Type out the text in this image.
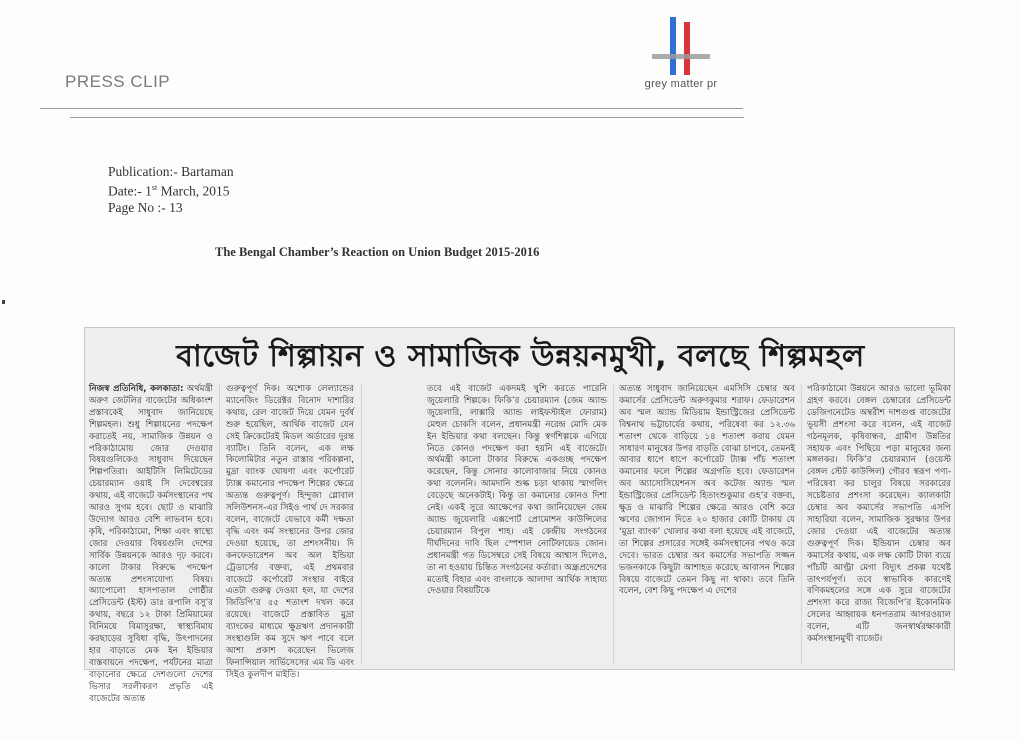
PRESS CLIP	grey matter pr
Publication:- Bartaman
Date:- 1st March, 2015
Page No :- 13
The Bengal Chamber’s Reaction on Union Budget 2015-2016
বাজেট শিল্পায়ন ও সামাজিক উন্নয়নমুখী, বলছে শিল্পমহল
নিজস্ব প্রতিনিধি, কলকাতা: অর্থমন্ত্রী অরুণ জেটলির বাজেটের অধিকাংশ প্রস্তাবকেই সাধুবাদ জানিয়েছে শিল্পমহল। শুধু শিল্পায়নের পদক্ষেপ করাতেই নয়, সামাজিক উন্নয়ন ও পরিকাঠামোয় জোর দেওয়ার বিষয়গুলিকেও সাধুবাদ দিয়েছেন শিল্পপতিরা। আইটিসি লিমিটেডের চেয়ারম্যান ওয়াই সি দেবেশ্বরের কথায়, এই বাজেটে কর্মসংস্থানের পথ আরও সুগম হবে। ছোট ও মাঝারি উদ্যোগ আরও বেশি লাভবান হবে। কৃষি, পরিকাঠামো, শিক্ষা এবং স্বাস্থ্যে জোর দেওয়ার বিষয়গুলি দেশের সার্বিক উন্নয়নকে আরও দৃঢ় করবে। কালো টাকার বিরুদ্ধে পদক্ষেপ অত্যন্ত প্রশংসাযোগ্য বিষয়। অ্যাপোলো হাসপাতাল গোষ্ঠীর প্রেসিডেন্ট (ইস্ট) ডাঃ রূপালি বসু’র কথায়, বছরে ১২ টাকা প্রিমিয়ামের বিনিময়ে বিমাসুরক্ষা, স্বাস্থ্যবিমায় করছাড়ের সুবিধা বৃদ্ধি, উৎপাদনের হার বাড়াতে মেক ইন ইন্ডিয়ার বাস্তবায়নে পদক্ষেপ, পর্যটনের মাত্রা বাড়ানোর ক্ষেত্রে দেশগুলো দেশের ভিসার সরলীকরণ প্রভৃতি এই বাজেটের অত্যন্ত
গুরুত্বপূর্ণ দিক। অশোক লেল্যান্ডের ম্যানেজিং ডিরেক্টর বিনোদ দাশারির কথায়, রেল বাজেট দিয়ে যেমন দুর্বর্ষ শুরু হয়েছিল, আর্থিক বাজেট যেন সেই ক্রিকেটেরই মিডল অর্ডারের দুরন্ত ব্যাটিং। তিনি বলেন, এক লক্ষ কিলোমিটার নতুন রাস্তার পরিকল্পনা, মুদ্রা ব্যাংক ঘোষণা এবং কর্পোরেট ট্যাক্স কমানোর পদক্ষেপ শিল্পের ক্ষেত্রে অত্যন্ত গুরুত্বপূর্ণ। হিন্দুজা গ্লোবাল সলিউশনস-এর সিইও পার্থ দে সরকার বলেন, বাজেটে যেভাবে কর্মী দক্ষতা বৃদ্ধি এবং কর্ম সংস্থানের উপর জোর দেওয়া হয়েছে, তা প্রশংসনীয়। দি কনফেডারেশন অব অল ইন্ডিয়া ট্রেডার্সের বক্তব্য, এই প্রথমবার বাজেটে কর্পোরেট সংস্থার বাইরে এতটা গুরুত্ব দেওয়া হল, যা দেশের জিডিপি’র ৫৫ শতাংশ দখল করে রয়েছে। বাজেটে প্রস্তাবিত মুদ্রা ব্যাংকের মাধ্যমে ক্ষুদ্রঋণ প্রদানকারী সংস্থাগুলি কম সুদে ঋণ পাবে বলে আশা প্রকাশ করেছেন ভিলেজ ফিনান্সিয়াল সার্ভিসেসের এম ডি এবং সিইও কুলদীপ মাইতি।
তবে এই বাজেট একদমই খুশি করতে পারেনি জুয়েলারি শিল্পকে। ফিকি’র চেয়ারম্যান (জেম অ্যান্ড জুয়েলারি, লাক্সারি অ্যান্ড লাইফস্টাইল ফোরাম) মেহুল চোকসি বলেন, প্রধানমন্ত্রী নরেন্দ্র মোদি মেক ইন ইন্ডিয়ার কথা বলছেন। কিন্তু স্বর্ণশিল্পকে এগিয়ে নিতে কোনও পদক্ষেপ করা হয়নি এই বাজেটে। অর্থমন্ত্রী কালো টাকার বিরুদ্ধে একগুচ্ছ পদক্ষেপ করেছেন, কিন্তু সোনার কালোবাজার নিয়ে কোনও কথা বলেননি। আমদানি শুল্ক চড়া থাকায় স্মাগলিং বেড়েছে অনেকটাই। কিন্তু তা কমানোর কোনও দিশা নেই। একই সুরে আক্ষেপের কথা জানিয়েছেন জেম অ্যান্ড জুয়েলারি এক্সপোর্ট প্রোমোশন কাউন্সিলের চেয়ারম্যান বিপুল শাহ। এই কেন্দ্রীয় সংগঠনের দীর্ঘদিনের দাবি ছিল স্পেশাল নোটিফায়েড জোন। প্রধানমন্ত্রী গত ডিসেম্বরে সেই বিষয়ে আশ্বাস দিলেও, তা না হওয়ায় চিন্তিত সংগঠনের কর্তারা। অন্ধ্রপ্রদেশের মতোই বিহার এবং বাংলাকে আলাদা আর্থিক সাহায্য দেওয়ার বিষয়টিকে
অত্যন্ত সাধুবাদ জানিয়েছেন এমসিসি চেম্বার অব কমার্সের প্রেসিডেন্ট অরুণকুমার শরাফ। ফেডারেশন অব স্মল অ্যান্ড মিডিয়াম ইন্ডাস্ট্রিজের প্রেসিডেন্ট বিশ্বনাথ ভট্টাচার্যের কথায়, পরিষেবা কর ১২.৩৬ শতাংশ থেকে বাড়িয়ে ১৪ শতাংশ করায় যেমন সাধারণ মানুষের উপর বাড়তি বোঝা চাপবে, তেমনই আবার ধাপে ধাপে কর্পোরেট ট্যাক্স পাঁচ শতাংশ কমানোর ফলে শিল্পের অগ্রগতি হবে। ফেডারেশন অব অ্যাসোসিয়েশনস অব কটেজ অ্যান্ড স্মল ইন্ডাস্ট্রিজের প্রেসিডেন্ট হিতাংশুকুমার গুহ’র বক্তব্য, ক্ষুদ্র ও মাঝারি শিল্পের ক্ষেত্রে আরও বেশি করে ঋণের জোগান দিতে ২০ হাজার কোটি টাকায় যে ‘মুদ্রা ব্যাংক’ খোলার কথা বলা হয়েছে এই বাজেটে, তা শিল্পের প্রসারের সঙ্গেই কর্মসংস্থানের পথও করে দেবে। ভারত চেম্বার অব কমার্সের সভাপতি সজ্জন ভজনকাকে কিছুটা আশাহত করেছে আবাসন শিল্পের বিষয়ে বাজেটে তেমন কিছু না থাকা। তবে তিনি বলেন, বেশ কিছু পদক্ষেপ এ দেশের
পরিকাঠামো উন্নয়নে আরও ভালো ভূমিকা গ্রহণ করবে। বেঙ্গল চেম্বারের প্রেসিডেন্ট ডেজিগনেটেড অম্বরীশ দাশগুপ্ত বাজেটের ভূয়সী প্রশংসা করে বলেন, এই বাজেট গঠনমূলক, কৃষিবান্ধব, গ্রামীণ উন্নতির সহায়ক এবং পিছিয়ে পড়া মানুষের জন্য মঙ্গলকর। ফিকি’র চেয়ারম্যান (ওয়েস্ট বেঙ্গল স্টেট কাউন্সিল) গৌরব স্বরূপ পণ্য-পরিষেবা কর চালুর বিষয়ে সরকারের সচেষ্টতার প্রশংসা করেছেন। ক্যালকাটা চেম্বার অব কমার্সের সভাপতি এসপি সাহারিয়া বলেন, সামাজিক সুরক্ষার উপর জোর দেওয়া এই বাজেটের অত্যন্ত গুরুত্বপূর্ণ দিক। ইন্ডিয়ান চেম্বার অব কমার্সের কথায়, এক লক্ষ কোটি টাকা ব্যয়ে পাঁচটি আল্ট্রা মেগা বিদ্যুৎ প্রকল্প যথেষ্ট তাৎপর্যপূর্ণ। তবে স্বাভাবিক কারণেই বণিকমহলের সঙ্গে এক সুরে বাজেটের প্রশংসা করে রাজ্য বিজেপি’র ইকোনমিক সেলের আহ্বায়ক ধনপতরাম আগরওয়াল বলেন, এটি জনস্বার্থরক্ষাকারী কর্মসংস্থানমুখী বাজেট।
